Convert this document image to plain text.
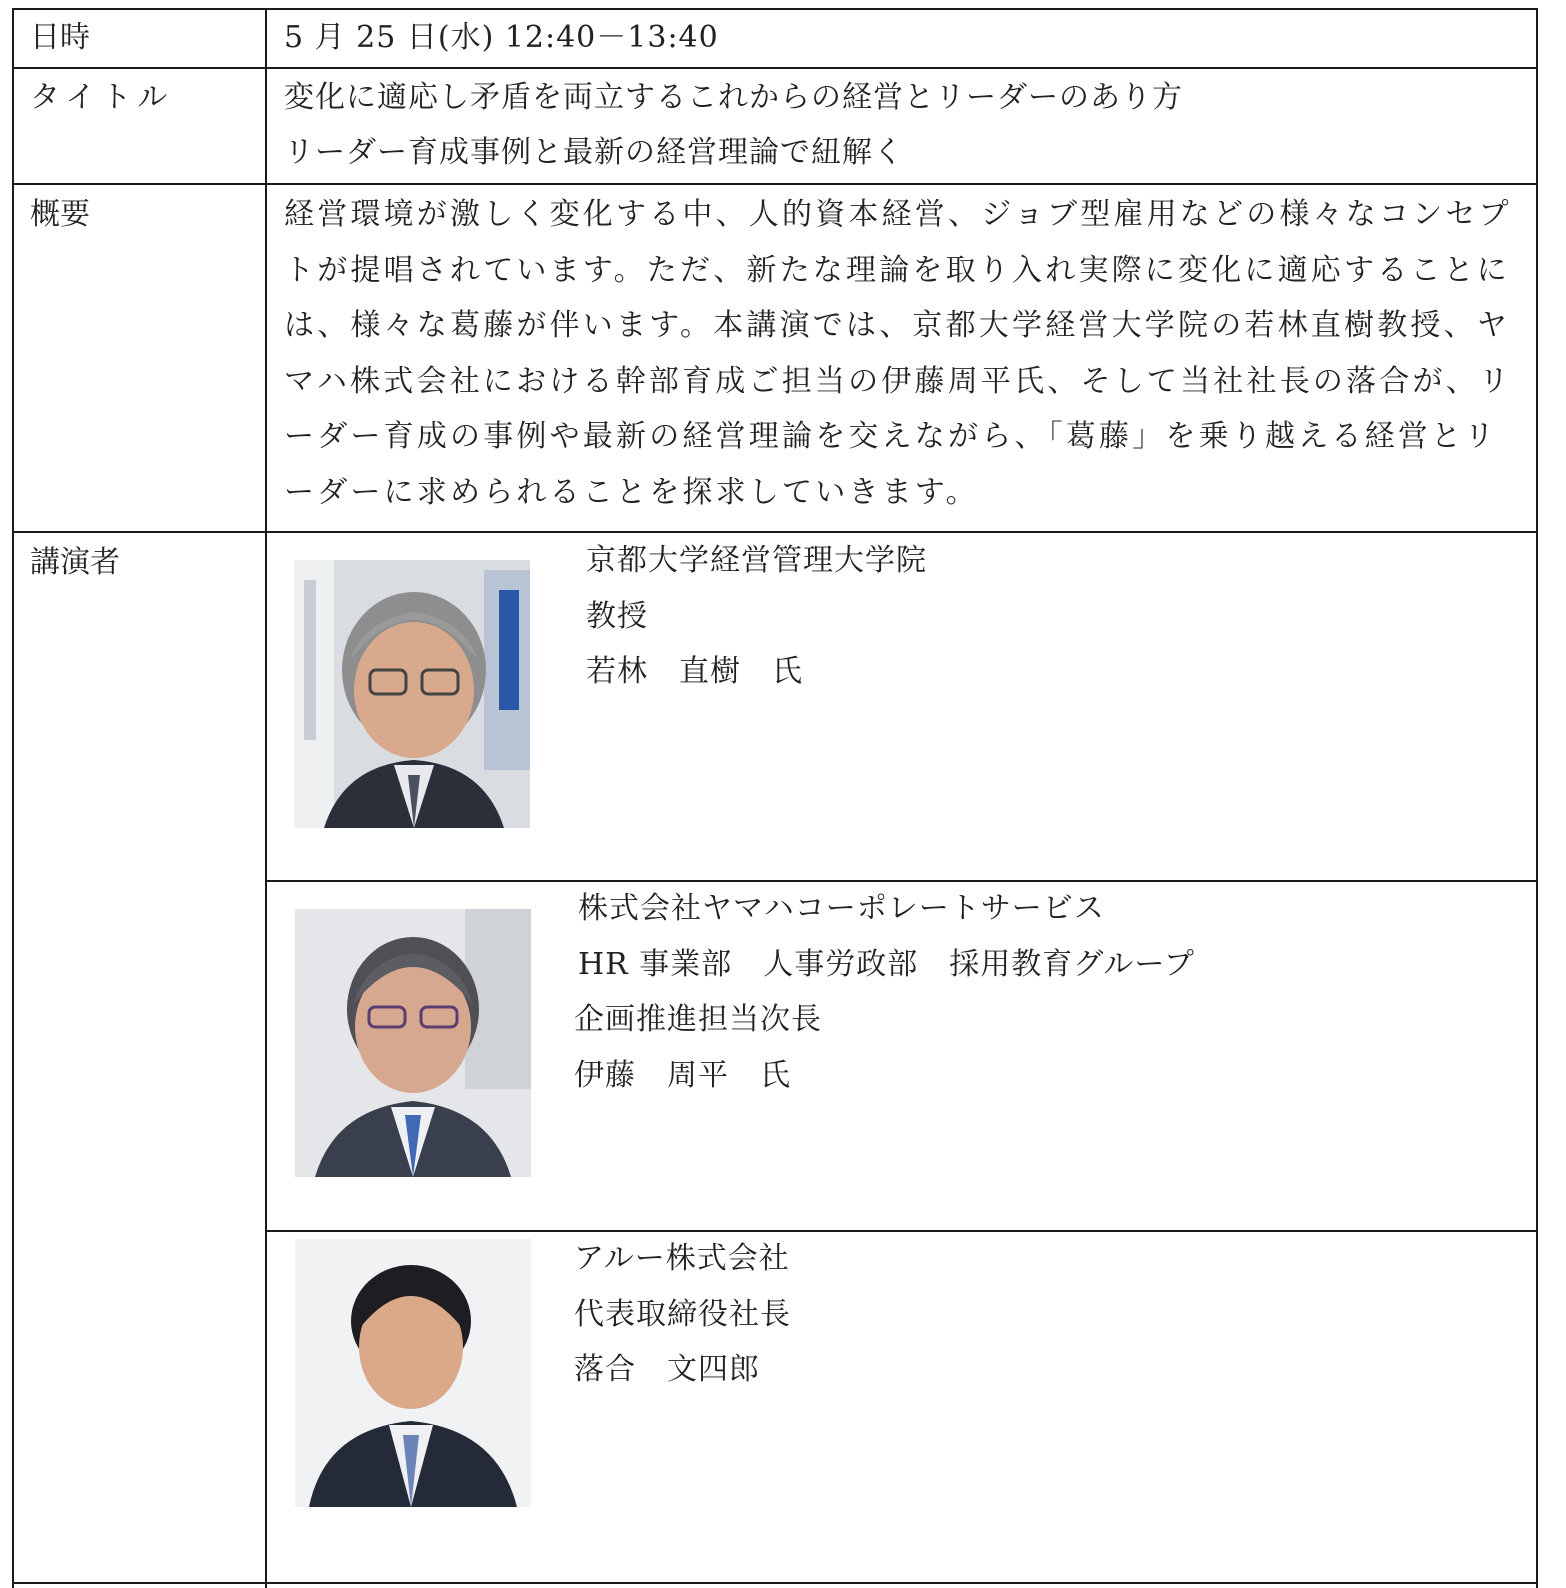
日時	5 月 25 日(水) 12:40－13:40
タイトル	変化に適応し矛盾を両立するこれからの経営とリーダーのあり方
リーダー育成事例と最新の経営理論で紐解く
概要	経営環境が激しく変化する中、人的資本経営、ジョブ型雇用などの様々なコンセプトが提唱されています。ただ、新たな理論を取り入れ実際に変化に適応することには、様々な葛藤が伴います。本講演では、京都大学経営大学院の若林直樹教授、ヤマハ株式会社における幹部育成ご担当の伊藤周平氏、そして当社社長の落合が、リーダー育成の事例や最新の経営理論を交えながら、「葛藤」を乗り越える経営とリーダーに求められることを探求していきます。
講演者	京都大学経営管理大学院
教授
若林　直樹　氏
株式会社ヤマハコーポレートサービス
HR 事業部　人事労政部　採用教育グループ
企画推進担当次長
伊藤　周平　氏
アルー株式会社
代表取締役社長
落合　文四郎
